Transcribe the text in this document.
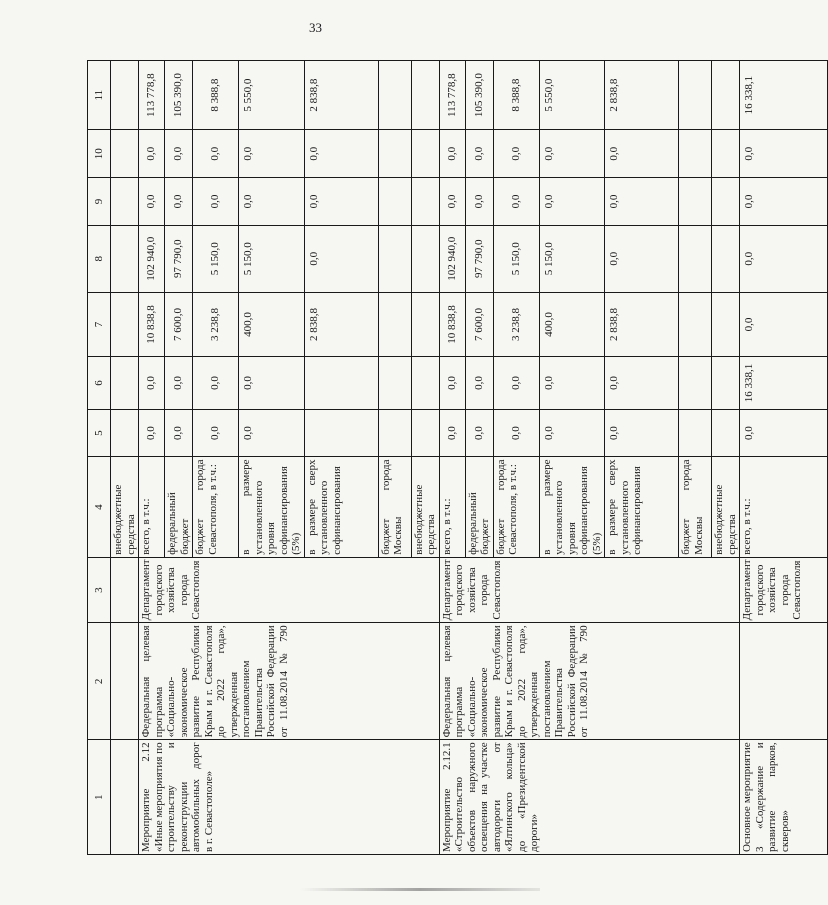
33
1	2	3	4	5	6	7	8	9	10	11
			внебюджетные средства							
Мероприятие 2.12 «Иные мероприятия по строительству и реконструкции автомобильных дорог в г. Севастополе»	Федеральная целевая программа «Социально-экономическое развитие Республики Крым и г. Севастополя до 2022 года», утвержденная постановлением Правительства Российской Федерации от 11.08.2014 № 790	Департамент городского хозяйства города Севастополя	всего, в т.ч.:	0,0	0,0	10 838,8	102 940,0	0,0	0,0	113 778,8
			федеральный бюджет	0,0	0,0	7 600,0	97 790,0	0,0	0,0	105 390,0
			бюджет города Севастополя, в т.ч.:	0,0	0,0	3 238,8	5 150,0	0,0	0,0	8 388,8
			в размере установленного уровня софинансирования (5%)	0,0	0,0	400,0	5 150,0	0,0	0,0	5 550,0
			в размере сверх установленного софинансирования			2 838,8	0,0	0,0	0,0	2 838,8
			бюджет города Москвы							
			внебюджетные средства							
Мероприятие 2.12.1 «Строительство объектов наружного освещения на участке автодороги от «Ялтинского кольца» до «Президентской дороги»	Федеральная целевая программа «Социально-экономическое развитие Республики Крым и г. Севастополя до 2022 года», утвержденная постановлением Правительства Российской Федерации от 11.08.2014 № 790	Департамент городского хозяйства города Севастополя	всего, в т.ч.:	0,0	0,0	10 838,8	102 940,0	0,0	0,0	113 778,8
			федеральный бюджет	0,0	0,0	7 600,0	97 790,0	0,0	0,0	105 390,0
			бюджет города Севастополя, в т.ч.:	0,0	0,0	3 238,8	5 150,0	0,0	0,0	8 388,8
			в размере установленного уровня софинансирования (5%)	0,0	0,0	400,0	5 150,0	0,0	0,0	5 550,0
			в размере сверх установленного софинансирования	0,0	0,0	2 838,8	0,0	0,0	0,0	2 838,8
			бюджет города Москвы							
			внебюджетные средства							
Основное мероприятие 3 «Содержание и развитие парков, скверов»		Департамент городского хозяйства города Севастополя	всего, в т.ч.:	0,0	16 338,1	0,0	0,0	0,0	0,0	16 338,1
